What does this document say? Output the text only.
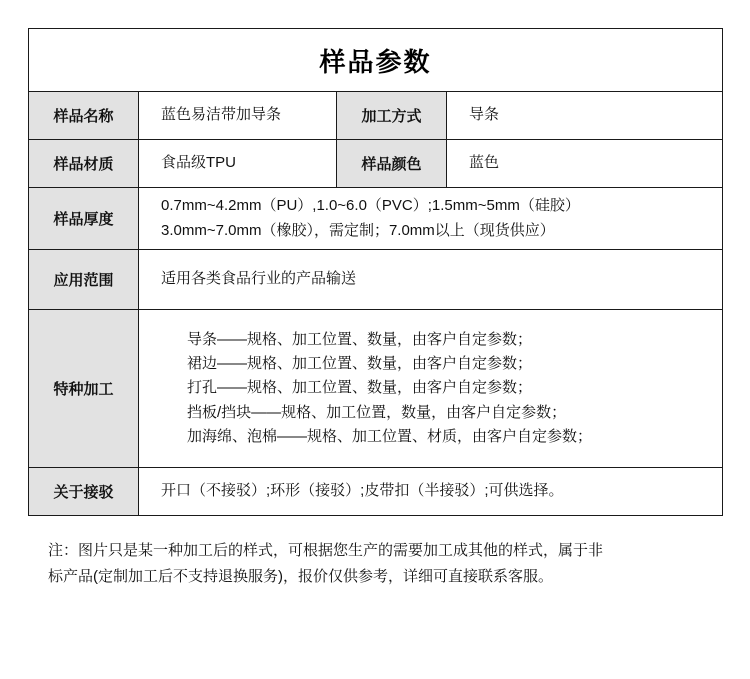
样品参数			
样品名称	蓝色易洁带加导条	加工方式	导条
样品材质	食品级TPU	样品颜色	蓝色
样品厚度	0.7mm~4.2mm（PU）,1.0~6.0（PVC）;1.5mm~5mm（硅胶）
3.0mm~7.0mm（橡胶），需定制；7.0mm以上（现货供应）		

应用范围	适用各类食品行业的产品输送		
特种加工	导条——规格、加工位置、数量，由客户自定参数；
裙边——规格、加工位置、数量，由客户自定参数；
打孔——规格、加工位置、数量，由客户自定参数；
挡板/挡块——规格、加工位置，数量，由客户自定参数；
加海绵、泡棉——规格、加工位置、材质，由客户自定参数；		

关于接驳	开口（不接驳）;环形（接驳）;皮带扣（半接驳）;可供选择。		
注：图片只是某一种加工后的样式，可根据您生产的需要加工成其他的样式，属于非
标产品(定制加工后不支持退换服务)，报价仅供参考，详细可直接联系客服。
